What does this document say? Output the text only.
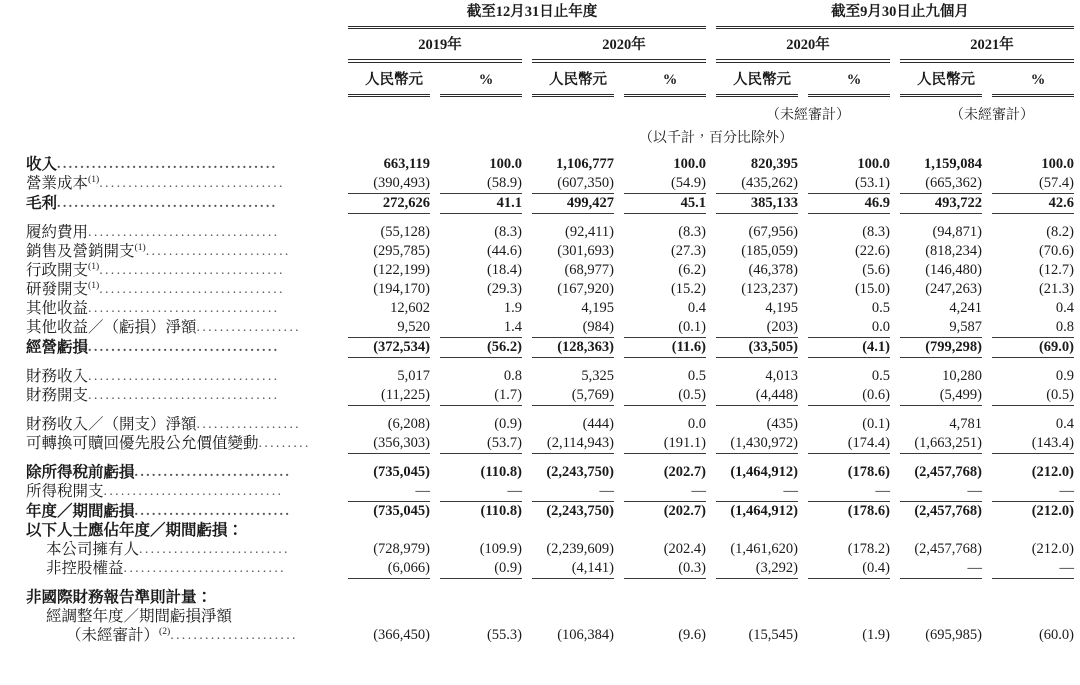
	截至12月31日止年度				截至9月30日止九個月			

	2019年		2020年		2020年		2021年	

	人民幣元	%	人民幣元	%	人民幣元	%	人民幣元	%

					（未經審計）		（未經審計）	
	（以千計，百分比除外）							
收入......................................	663,119	100.0	1,106,777	100.0	820,395	100.0	1,159,084	100.0
營業成本$^{(1)}$................................	(390,493)	(58.9)	(607,350)	(54.9)	(435,262)	(53.1)	(665,362)	(57.4)

毛利......................................	272,626	41.1	499,427	45.1	385,133	46.9	493,722	42.6

履約費用.................................	(55,128)	(8.3)	(92,411)	(8.3)	(67,956)	(8.3)	(94,871)	(8.2)
銷售及營銷開支$^{(1)}$.........................	(295,785)	(44.6)	(301,693)	(27.3)	(185,059)	(22.6)	(818,234)	(70.6)
行政開支$^{(1)}$................................	(122,199)	(18.4)	(68,977)	(6.2)	(46,378)	(5.6)	(146,480)	(12.7)
研發開支$^{(1)}$................................	(194,170)	(29.3)	(167,920)	(15.2)	(123,237)	(15.0)	(247,263)	(21.3)
其他收益.................................	12,602	1.9	4,195	0.4	4,195	0.5	4,241	0.4
其他收益／（虧損）淨額..................	9,520	1.4	(984)	(0.1)	(203)	0.0	9,587	0.8

經營虧損.................................	(372,534)	(56.2)	(128,363)	(11.6)	(33,505)	(4.1)	(799,298)	(69.0)

財務收入.................................	5,017	0.8	5,325	0.5	4,013	0.5	10,280	0.9
財務開支.................................	(11,225)	(1.7)	(5,769)	(0.5)	(4,448)	(0.6)	(5,499)	(0.5)

財務收入／（開支）淨額..................	(6,208)	(0.9)	(444)	0.0	(435)	(0.1)	4,781	0.4
可轉換可贖回優先股公允價值變動.........	(356,303)	(53.7)	(2,114,943)	(191.1)	(1,430,972)	(174.4)	(1,663,251)	(143.4)

除所得稅前虧損...........................	(735,045)	(110.8)	(2,243,750)	(202.7)	(1,464,912)	(178.6)	(2,457,768)	(212.0)
所得稅開支...............................	—	—	—	—	—	—	—	—

年度／期間虧損...........................	(735,045)	(110.8)	(2,243,750)	(202.7)	(1,464,912)	(178.6)	(2,457,768)	(212.0)
以下人士應佔年度／期間虧損：								
本公司擁有人..........................	(728,979)	(109.9)	(2,239,609)	(202.4)	(1,461,620)	(178.2)	(2,457,768)	(212.0)
非控股權益............................	(6,066)	(0.9)	(4,141)	(0.3)	(3,292)	(0.4)	—	—

非國際財務報告準則計量：								
經調整年度／期間虧損淨額								
（未經審計）$^{(2)}$......................	(366,450)	(55.3)	(106,384)	(9.6)	(15,545)	(1.9)	(695,985)	(60.0)
